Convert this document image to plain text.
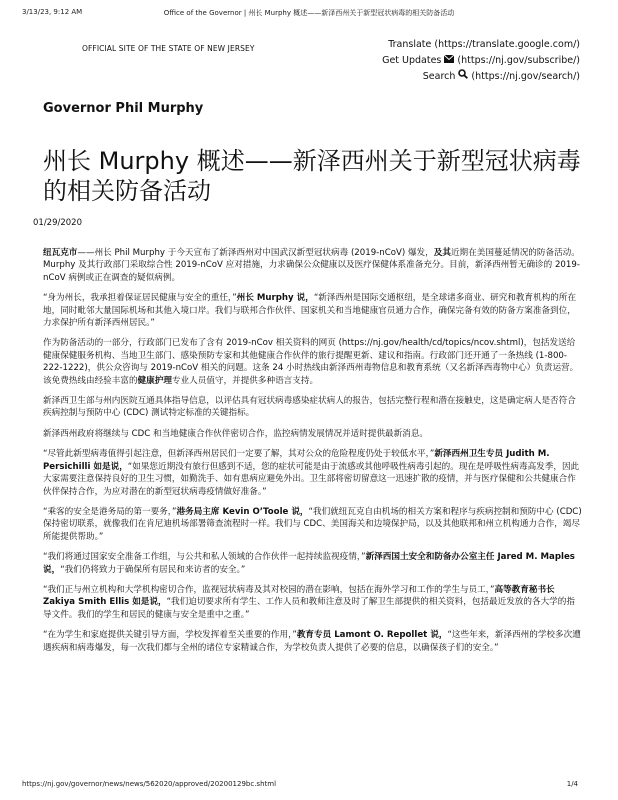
3/13/23, 9:12 AM	Office of the Governor | 州长 Murphy 概述——新泽西州关于新型冠状病毒的相关防备活动
OFFICIAL SITE OF THE STATE OF NEW JERSEY	Translate (https://translate.google.com/)
Get Updates (https://nj.gov/subscribe/)
Search (https://nj.gov/search/)
Governor Phil Murphy
州长 Murphy 概述——新泽西州关于新型冠状病毒的相关防备活动
01/29/2020

纽瓦克市——州长 Phil Murphy 于今天宣布了新泽西州对中国武汉新型冠状病毒 (2019-nCoV) 爆发，及其近期在美国蔓延情况的防备活动。Murphy 及其行政部门采取综合性 2019-nCoV 应对措施，力求确保公众健康以及医疗保健体系准备充分。目前，新泽西州暂无确诊的 2019-nCoV 病例或正在调查的疑似病例。

“身为州长，我承担着保证居民健康与安全的重任，”州长 Murphy 说，“新泽西州是国际交通枢纽，是全球诸多商业、研究和教育机构的所在地，同时毗邻大量国际机场和其他入境口岸。我们与联邦合作伙伴、国家机关和当地健康官员通力合作，确保完备有效的防备方案准备到位，力求保护所有新泽西州居民。”

作为防备活动的一部分，行政部门已发布了含有 2019-nCov 相关资料的网页 (https://nj.gov/health/cd/topics/ncov.shtml)，包括发送给健康保健服务机构、当地卫生部门、感染预防专家和其他健康合作伙伴的旅行提醒更新、建议和指南。行政部门还开通了一条热线 (1-800-222-1222)，供公众咨询与 2019-nCoV 相关的问题。这条 24 小时热线由新泽西州毒物信息和教育系统（又名新泽西毒物中心）负责运营。该免费热线由经验丰富的健康护理专业人员值守，并提供多种语言支持。

新泽西卫生部与州内医院互通具体指导信息，以评估具有冠状病毒感染症状病人的报告，包括完整行程和潜在接触史，这是确定病人是否符合疾病控制与预防中心 (CDC) 测试特定标准的关键指标。

新泽西州政府将继续与 CDC 和当地健康合作伙伴密切合作，监控病情发展情况并适时提供最新消息。

“尽管此新型病毒值得引起注意，但新泽西州居民们一定要了解，其对公众的危险程度仍处于较低水平，”新泽西州卫生专员 Judith M. Persichilli 如是说，“如果您近期没有旅行但感到不适，您的症状可能是由于流感或其他呼吸性病毒引起的。现在是呼吸性病毒高发季，因此大家需要注意保持良好的卫生习惯，如勤洗手、如有患病应避免外出。卫生部将密切留意这一迅速扩散的疫情，并与医疗保健和公共健康合作伙伴保持合作，为应对潜在的新型冠状病毒疫情做好准备。”

“乘客的安全是港务局的第一要务，”港务局主席 Kevin O’Toole 说，“我们就纽瓦克自由机场的相关方案和程序与疾病控制和预防中心 (CDC) 保持密切联系，就像我们在肯尼迪机场部署筛查流程时一样。我们与 CDC、美国海关和边境保护局，以及其他联邦和州立机构通力合作，竭尽所能提供帮助。”

“我们将通过国家安全准备工作组，与公共和私人领域的合作伙伴一起持续监视疫情，”新泽西国土安全和防备办公室主任 Jared M. Maples 说，“我们仍将致力于确保所有居民和来访者的安全。”

“我们正与州立机构和大学机构密切合作，监视冠状病毒及其对校园的潜在影响，包括在海外学习和工作的学生与员工，”高等教育秘书长 Zakiya Smith Ellis 如是说，“我们迫切要求所有学生、工作人员和教师注意及时了解卫生部提供的相关资料，包括最近发放的各大学的指导文件。我们的学生和居民的健康与安全是重中之重。”

“在为学生和家庭提供关键引导方面，学校发挥着至关重要的作用，”教育专员 Lamont O. Repollet 说，“这些年来，新泽西州的学校多次遭遇疾病和病毒爆发，每一次我们都与全州的诸位专家精诚合作，为学校负责人提供了必要的信息，以确保孩子们的安全。”

https://nj.gov/governor/news/news/562020/approved/20200129bc.shtml	1/4
